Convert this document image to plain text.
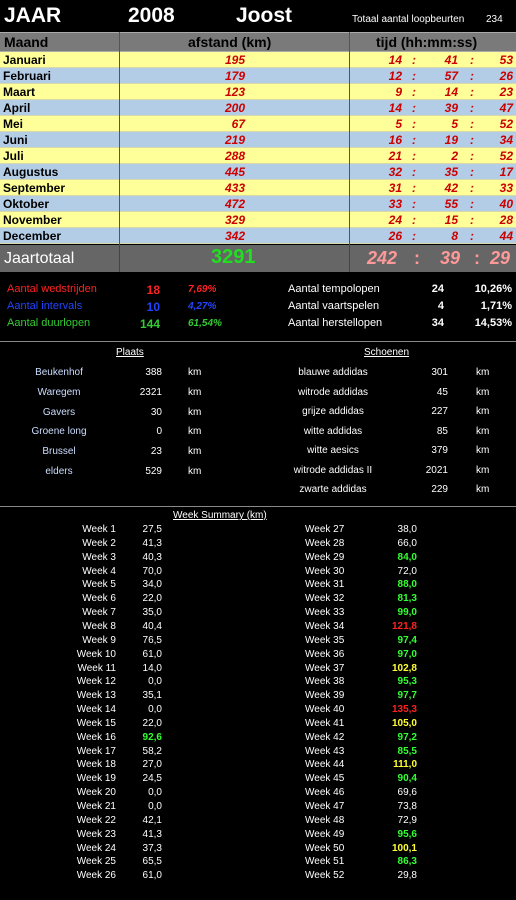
JAAR	2008	Joost	Totaal aantal loopbeurten 234
Maand	afstand (km)	tijd (hh:mm:ss)
Januari	195	14 :	41	:	53
Februari	179	12 :	57	:	26
Maart	123	9 :	14	:	23
April	200	14 :	39	:	47
Mei	67	5 :	5	:	52
Juni	219	16 :	19	:	34
Juli	288	21 :	2	:	52
Augustus	445	32 :	35	:	17
September	433	31 :	42	:	33
Oktober	472	33 :	55	:	40
November	329	24 :	15	:	28
December	342	26 :	8	:	44
Jaartotaal	3291	242 : 39 : 29
Aantal wedstrijden	18	7,69%
Aantal intervals	10	4,27%
Aantal duurlopen	144	61,54%
Aantal tempolopen	24	10,26%
Aantal vaartspelen	4	1,71%
Aantal herstellopen	34	14,53%
Plaats	Schoenen
Beukenhof	388	km
Waregem	2321	km
Gavers	30	km
Groene long	0	km
Brussel	23	km
elders	529	km
blauwe addidas	301	km
witrode addidas	45	km
grijze addidas	227	km
witte addidas	85	km
witte aesics	379	km
witrode addidas II	2021	km
zwarte addidas	229	km
Week Summary (km)
Week 1	27,5
Week 2	41,3
Week 3	40,3
Week 4	70,0
Week 5	34,0
Week 6	22,0
Week 7	35,0
Week 8	40,4
Week 9	76,5
Week 10	61,0
Week 11	14,0
Week 12	0,0
Week 13	35,1
Week 14	0,0
Week 15	22,0
Week 16	92,6
Week 17	58,2
Week 18	27,0
Week 19	24,5
Week 20	0,0
Week 21	0,0
Week 22	42,1
Week 23	41,3
Week 24	37,3
Week 25	65,5
Week 26	61,0
Week 27	38,0
Week 28	66,0
Week 29	84,0
Week 30	72,0
Week 31	88,0
Week 32	81,3
Week 33	99,0
Week 34	121,8
Week 35	97,4
Week 36	97,0
Week 37	102,8
Week 38	95,3
Week 39	97,7
Week 40	135,3
Week 41	105,0
Week 42	97,2
Week 43	85,5
Week 44	111,0
Week 45	90,4
Week 46	69,6
Week 47	73,8
Week 48	72,9
Week 49	95,6
Week 50	100,1
Week 51	86,3
Week 52	29,8
